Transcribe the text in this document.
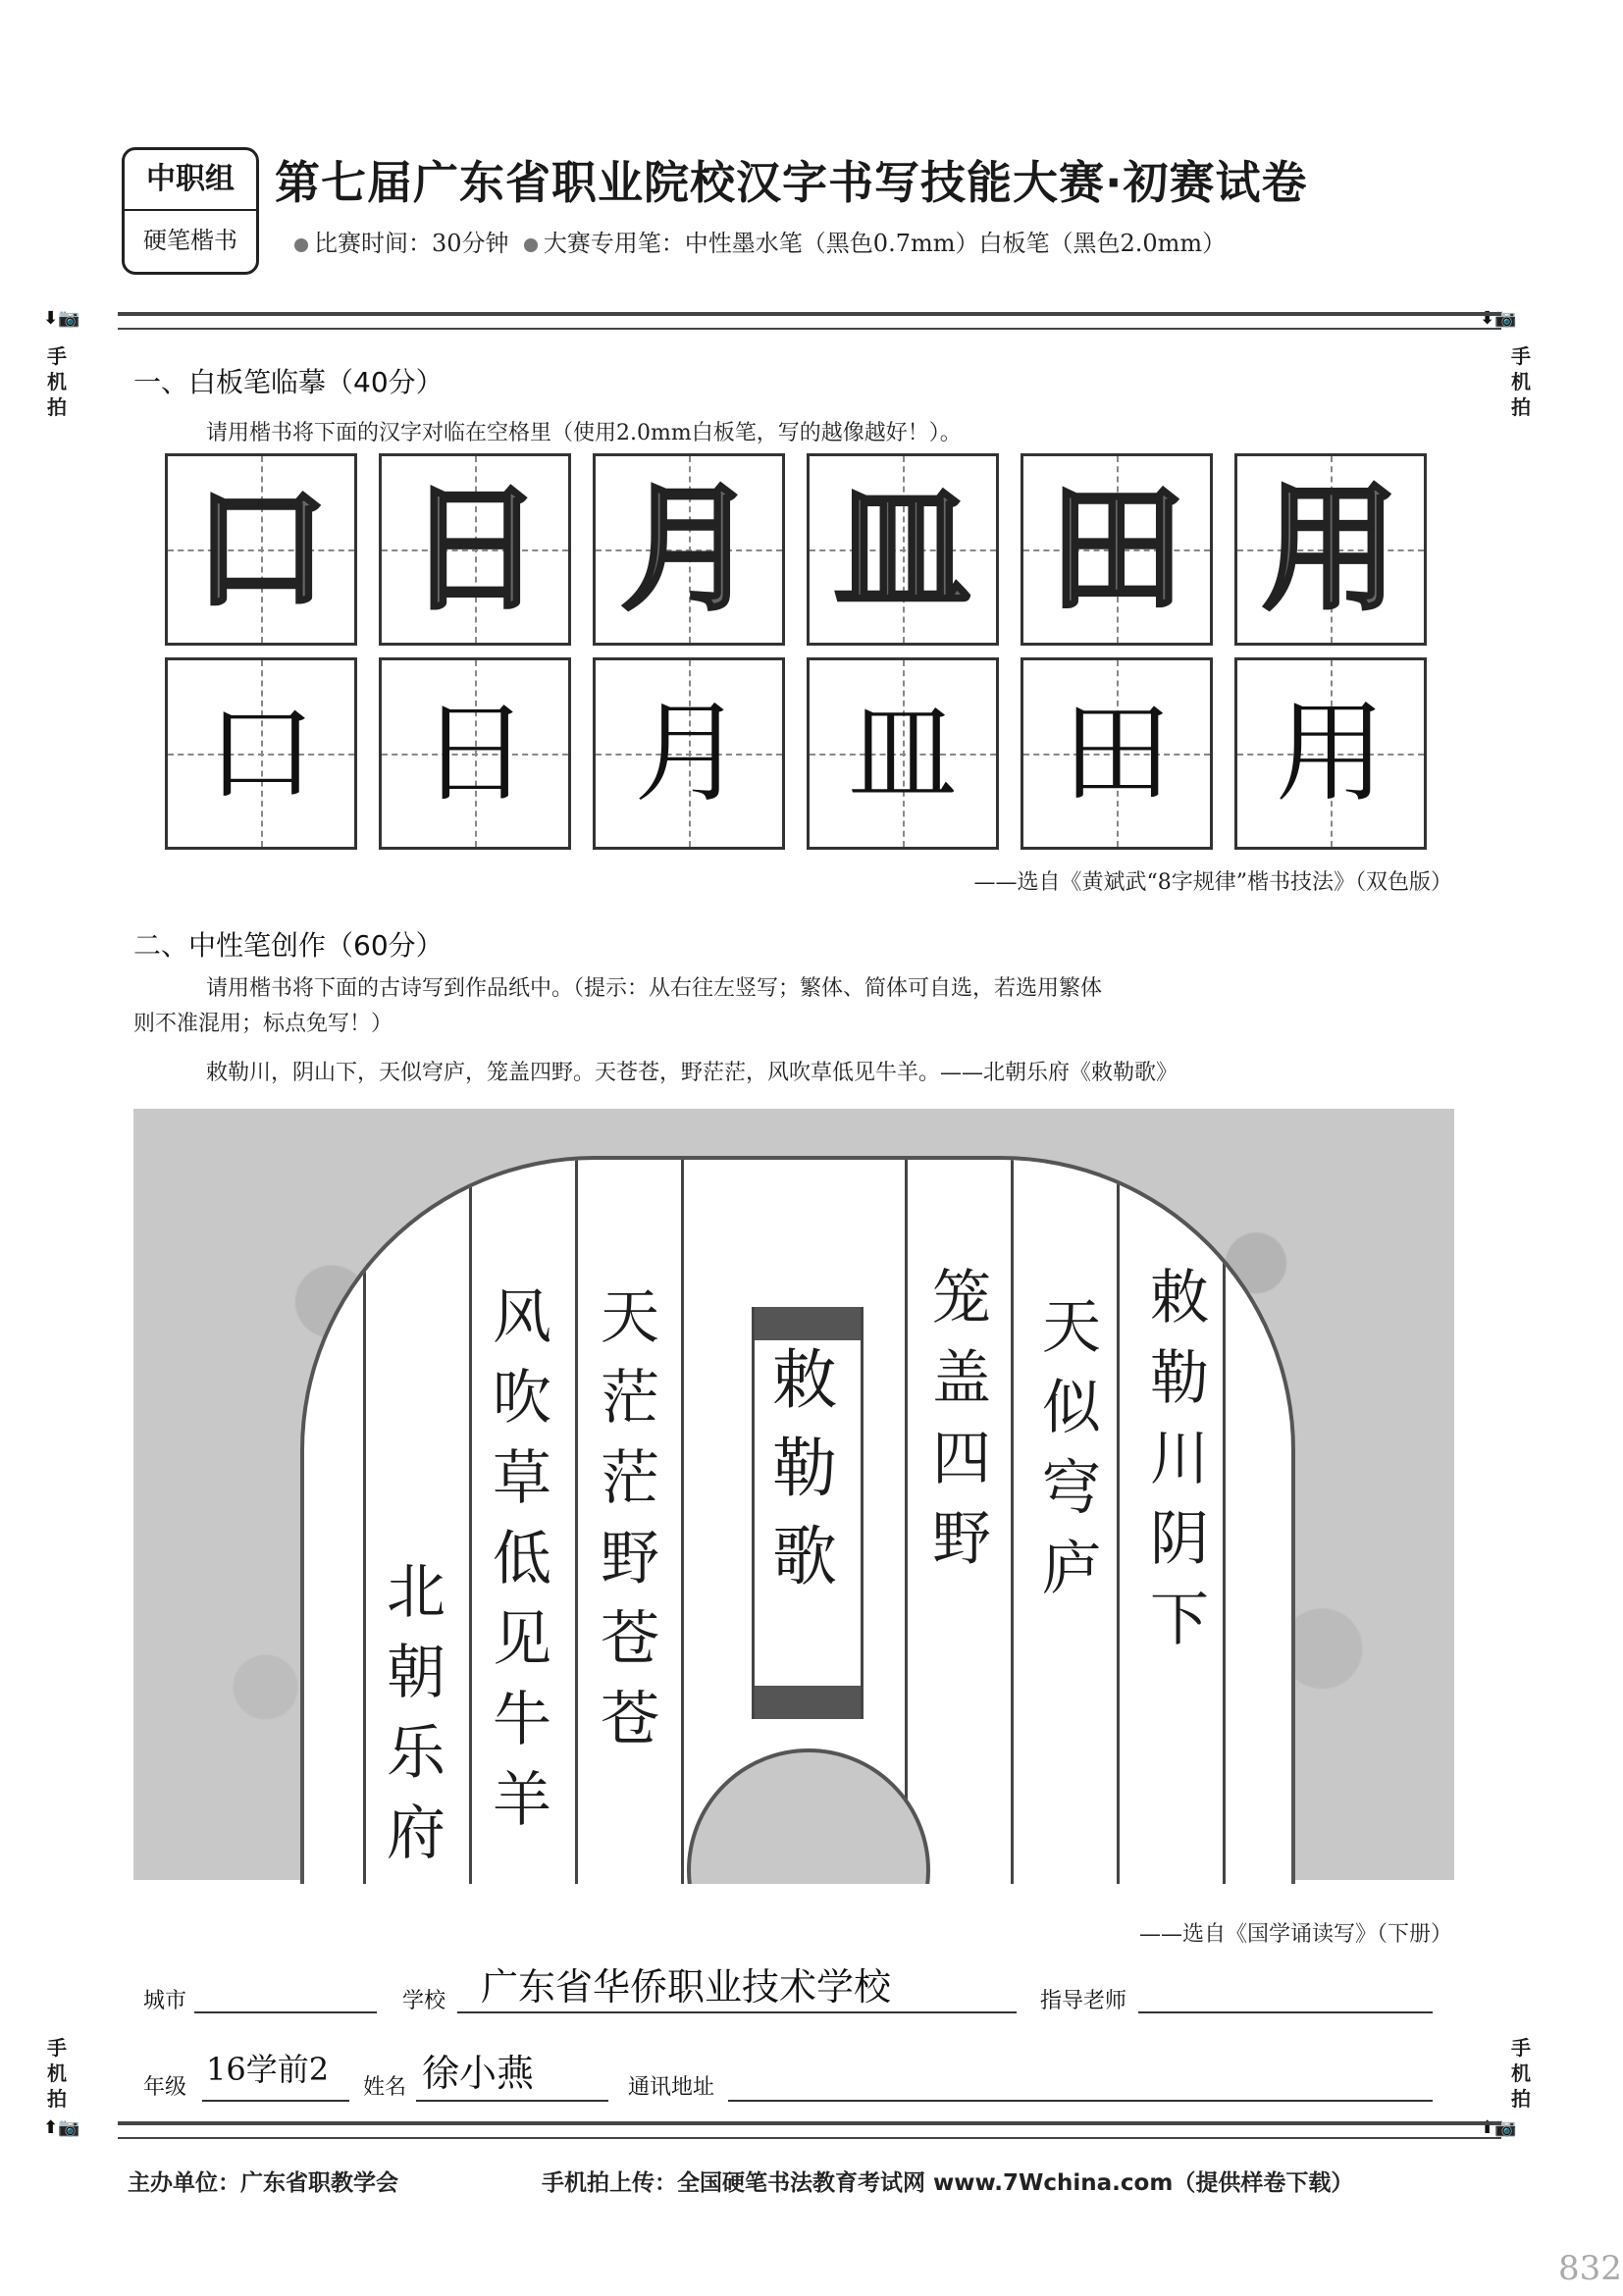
中职组
硬笔楷书
第七届广东省职业院校汉字书写技能大赛·初赛试卷
比赛时间：30分钟 大赛专用笔：中性墨水笔（黑色0.7mm）白板笔（黑色2.0mm）
⬇📷	⬇📷
手机拍
手机拍
一、白板笔临摹（40分）
请用楷书将下面的汉字对临在空格里（使用2.0mm白板笔，写的越像越好！）。
口 日 月 皿 田 用
口 日 月 皿 田 用
——选自《黄斌武“8字规律”楷书技法》（双色版）
二、中性笔创作（60分）
请用楷书将下面的古诗写到作品纸中。（提示：从右往左竖写；繁体、简体可自选，若选用繁体
则不准混用；标点免写！）
敕勒川，阴山下，天似穹庐，笼盖四野。天苍苍，野茫茫，风吹草低见牛羊。——北朝乐府《敕勒歌》
敕勒川阴下
天似穹庐
笼盖四野
敕勒歌
天茫茫野苍苍
风吹草低见牛羊
北朝乐府
——选自《国学诵读写》（下册）
城市	学校 广东省华侨职业技术学校	指导老师
年级 16学前2 姓名 徐小燕	通讯地址
手机拍
手机拍
⬆📷	⬆📷
主办单位：广东省职教学会	手机拍上传：全国硬笔书法教育考试网 www.7Wchina.com（提供样卷下载）
832
